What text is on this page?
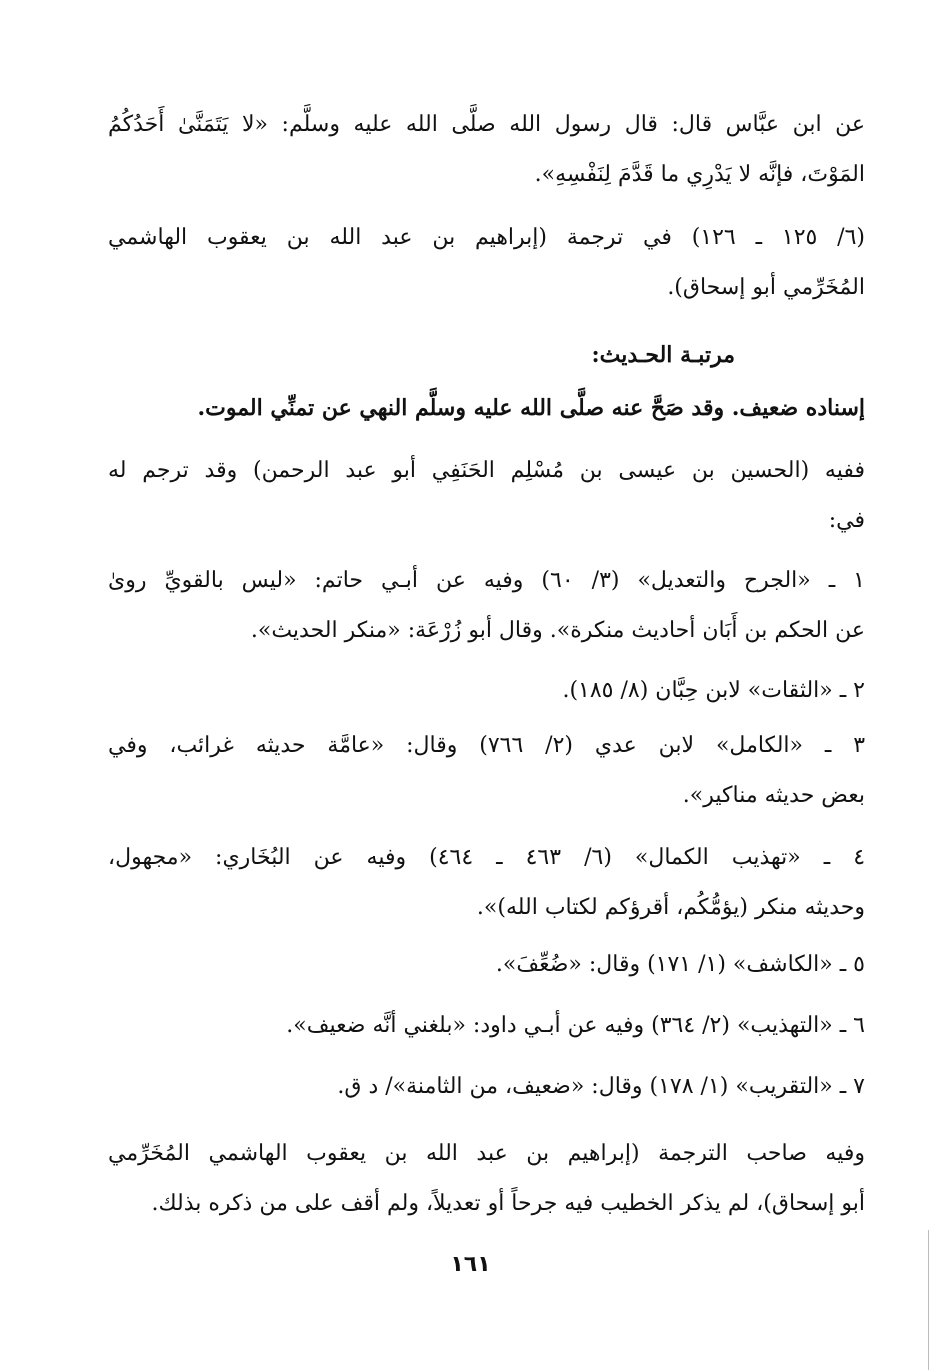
عن ابن عبَّاس قال: قال رسول الله صلَّى الله عليه وسلَّم: «لا يَتَمَنَّىٰ أَحَدُكُمُ
المَوْتَ، فإنَّه لا يَدْرِي ما قَدَّمَ لِنَفْسِهِ».
(٦/ ١٢٥ ـ ١٢٦) في ترجمة (إبراهيم بن عبد الله بن يعقوب الهاشمي
المُخَرِّمي أبو إسحاق).
مرتبـة الحـديث:
إسناده ضعيف. وقد صَحَّ عنه صلَّى الله عليه وسلَّم النهي عن تمنِّي الموت.
ففيه (الحسين بن عيسى بن مُسْلِم الحَنَفِي أبو عبد الرحمن) وقد ترجم له
في:
١ ـ «الجرح والتعديل» (٣/ ٦٠) وفيه عن أبـي حاتم: «ليس بالقويِّ روىٰ
عن الحكم بن أَبَان أحاديث منكرة». وقال أبو زُرْعَة: «منكر الحديث».
٢ ـ «الثقات» لابن حِبَّان (٨/ ١٨٥).
٣ ـ «الكامل» لابن عدي (٢/ ٧٦٦) وقال: «عامَّة حديثه غرائب، وفي
بعض حديثه مناكير».
٤ ـ «تهذيب الكمال» (٦/ ٤٦٣ ـ ٤٦٤) وفيه عن البُخَاري: «مجهول،
وحديثه منكر (يؤمُّكُم، أقرؤكم لكتاب الله)».
٥ ـ «الكاشف» (١/ ١٧١) وقال: «ضُعِّفَ».
٦ ـ «التهذيب» (٢/ ٣٦٤) وفيه عن أبـي داود: «بلغني أنَّه ضعيف».
٧ ـ «التقريب» (١/ ١٧٨) وقال: «ضعيف، من الثامنة»/ د ق.
وفيه صاحب الترجمة (إبراهيم بن عبد الله بن يعقوب الهاشمي المُخَرِّمي
أبو إسحاق)، لم يذكر الخطيب فيه جرحاً أو تعديلاً، ولم أقف على من ذكره بذلك.
١٦١
